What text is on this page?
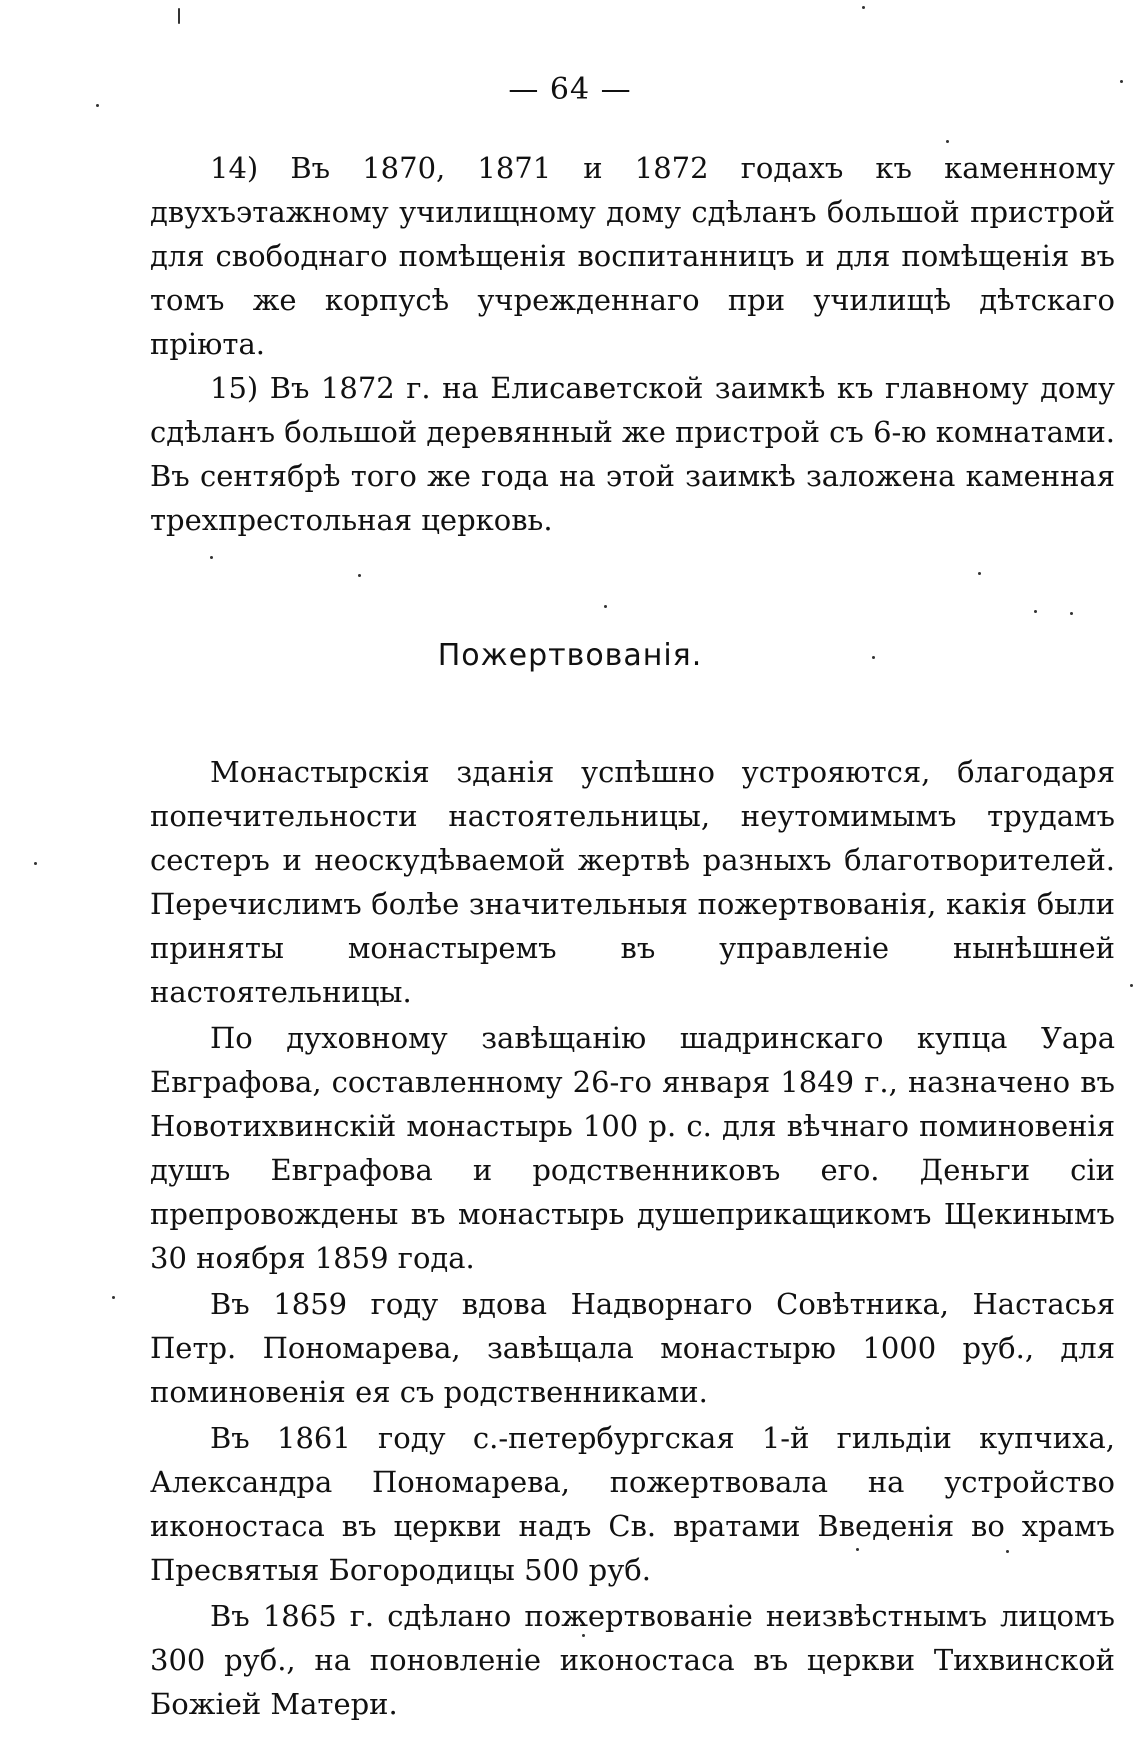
— 64 —

14) Въ 1870, 1871 и 1872 годахъ къ каменному двухъэтажному училищному дому сдѣланъ большой пристрой для свободнаго помѣщенія воспитанницъ и для помѣщенія въ томъ же корпусѣ учрежденнаго при училищѣ дѣтскаго пріюта.

15) Въ 1872 г. на Елисаветской заимкѣ къ главному дому сдѣланъ большой деревянный же пристрой съ 6-ю комнатами. Въ сентябрѣ того же года на этой заимкѣ заложена каменная трехпрестольная церковь.

Пожертвованія.

Монастырскія зданія успѣшно устрояются, благодаря попечительности настоятельницы, неутомимымъ трудамъ сестеръ и неоскудѣваемой жертвѣ разныхъ благотворителей. Перечислимъ болѣе значительныя пожертвованія, какія были приняты монастыремъ въ управленіе нынѣшней настоятельницы.

По духовному завѣщанію шадринскаго купца Уара Евграфова, составленному 26-го января 1849 г., назначено въ Новотихвинскій монастырь 100 р. с. для вѣчнаго поминовенія душъ Евграфова и родственниковъ его. Деньги сіи препровождены въ монастырь душеприкащикомъ Щекинымъ 30 ноября 1859 года.

Въ 1859 году вдова Надворнаго Совѣтника, Настасья Петр. Пономарева, завѣщала монастырю 1000 руб., для поминовенія ея съ родственниками.

Въ 1861 году с.-петербургская 1-й гильдіи купчиха, Александра Пономарева, пожертвовала на устройство иконостаса въ церкви надъ Св. вратами Введенія во храмъ Пресвятыя Богородицы 500 руб.

Въ 1865 г. сдѣлано пожертвованіе неизвѣстнымъ лицомъ 300 руб., на поновленіе иконостаса въ церкви Тихвинской Божіей Матери.
